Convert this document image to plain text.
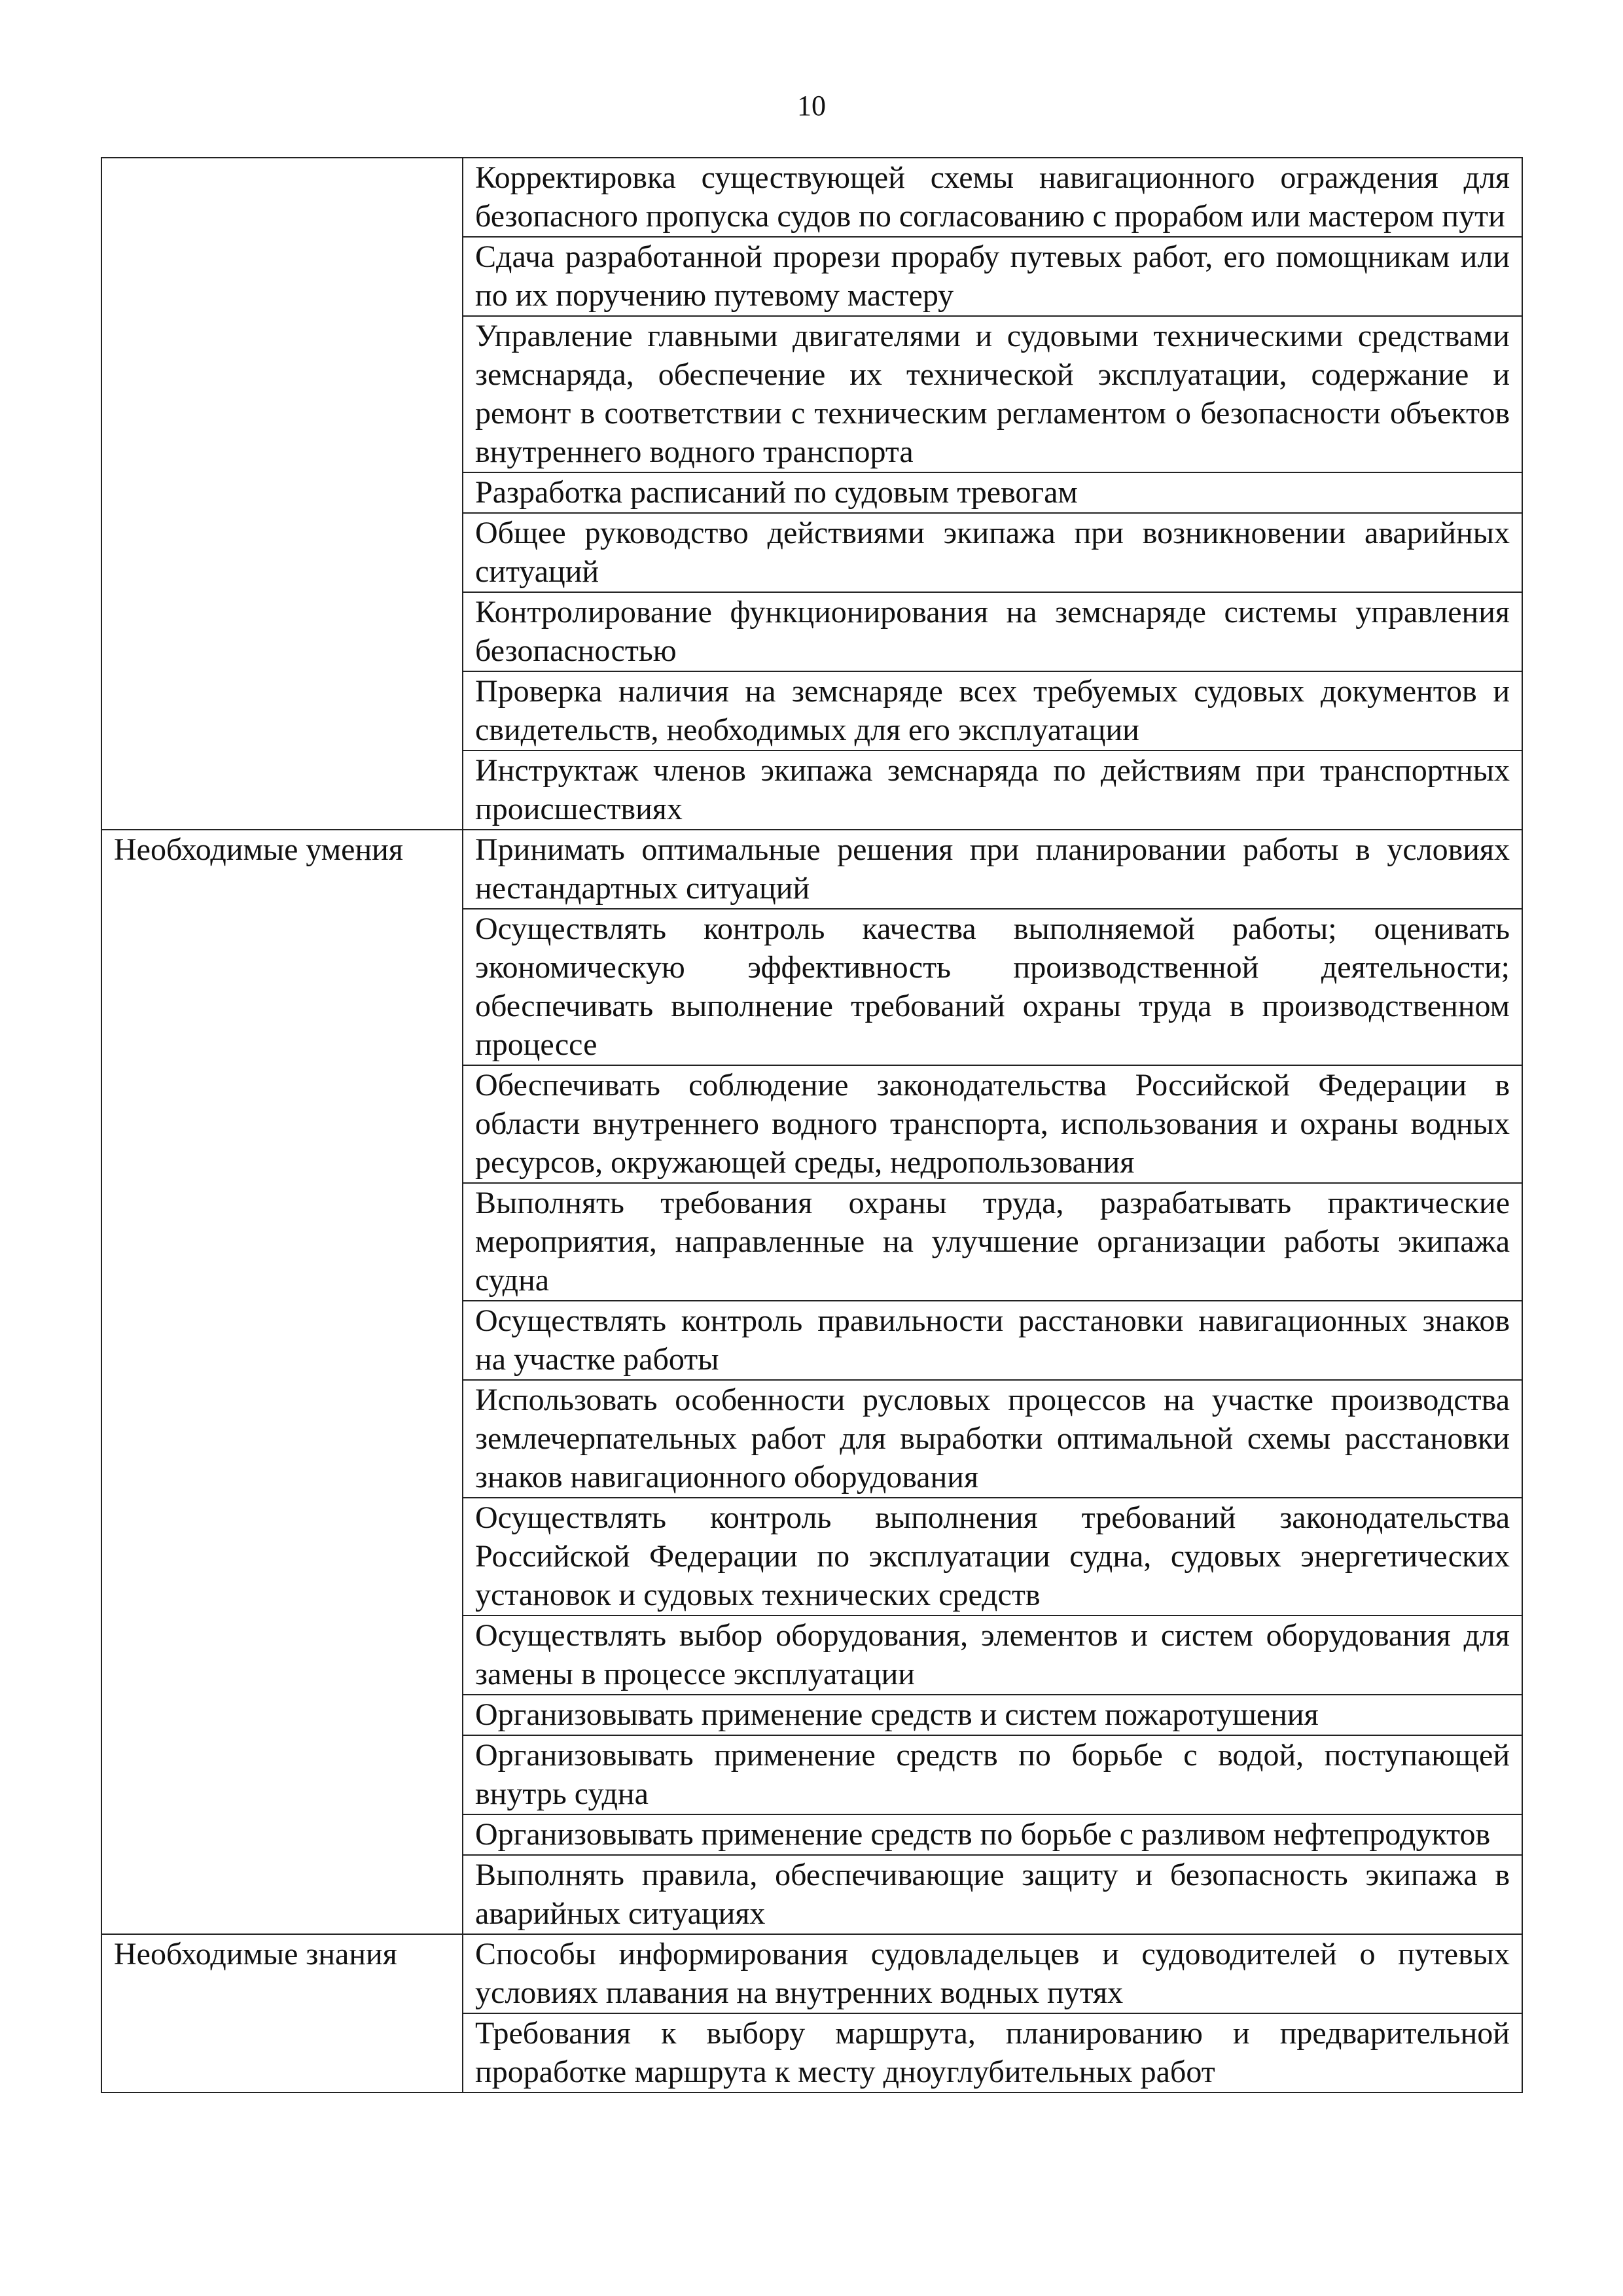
10
	Корректировка существующей схемы навигационного ограждения для безопасного пропуска судов по согласованию с прорабом или мастером пути
	Сдача разработанной прорези прорабу путевых работ, его помощникам или по их поручению путевому мастеру
	Управление главными двигателями и судовыми техническими средствами земснаряда, обеспечение их технической эксплуатации, содержание и ремонт в соответствии с техническим регламентом о безопасности объектов внутреннего водного транспорта
	Разработка расписаний по судовым тревогам
	Общее руководство действиями экипажа при возникновении аварийных ситуаций
	Контролирование функционирования на земснаряде системы управления безопасностью
	Проверка наличия на земснаряде всех требуемых судовых документов и свидетельств, необходимых для его эксплуатации
	Инструктаж членов экипажа земснаряда по действиям при транспортных происшествиях
Необходимые умения	Принимать оптимальные решения при планировании работы в условиях нестандартных ситуаций
	Осуществлять контроль качества выполняемой работы; оценивать экономическую эффективность производственной деятельности; обеспечивать выполнение требований охраны труда в производственном процессе
	Обеспечивать соблюдение законодательства Российской Федерации в области внутреннего водного транспорта, использования и охраны водных ресурсов, окружающей среды, недропользования
	Выполнять требования охраны труда, разрабатывать практические мероприятия, направленные на улучшение организации работы экипажа судна
	Осуществлять контроль правильности расстановки навигационных знаков на участке работы
	Использовать особенности русловых процессов на участке производства землечерпательных работ для выработки оптимальной схемы расстановки знаков навигационного оборудования
	Осуществлять контроль выполнения требований законодательства Российской Федерации по эксплуатации судна, судовых энергетических установок и судовых технических средств
	Осуществлять выбор оборудования, элементов и систем оборудования для замены в процессе эксплуатации
	Организовывать применение средств и систем пожаротушения
	Организовывать применение средств по борьбе с водой, поступающей внутрь судна
	Организовывать применение средств по борьбе с разливом нефтепродуктов
	Выполнять правила, обеспечивающие защиту и безопасность экипажа в аварийных ситуациях
Необходимые знания	Способы информирования судовладельцев и судоводителей о путевых условиях плавания на внутренних водных путях
	Требования к выбору маршрута, планированию и предварительной проработке маршрута к месту дноуглубительных работ
